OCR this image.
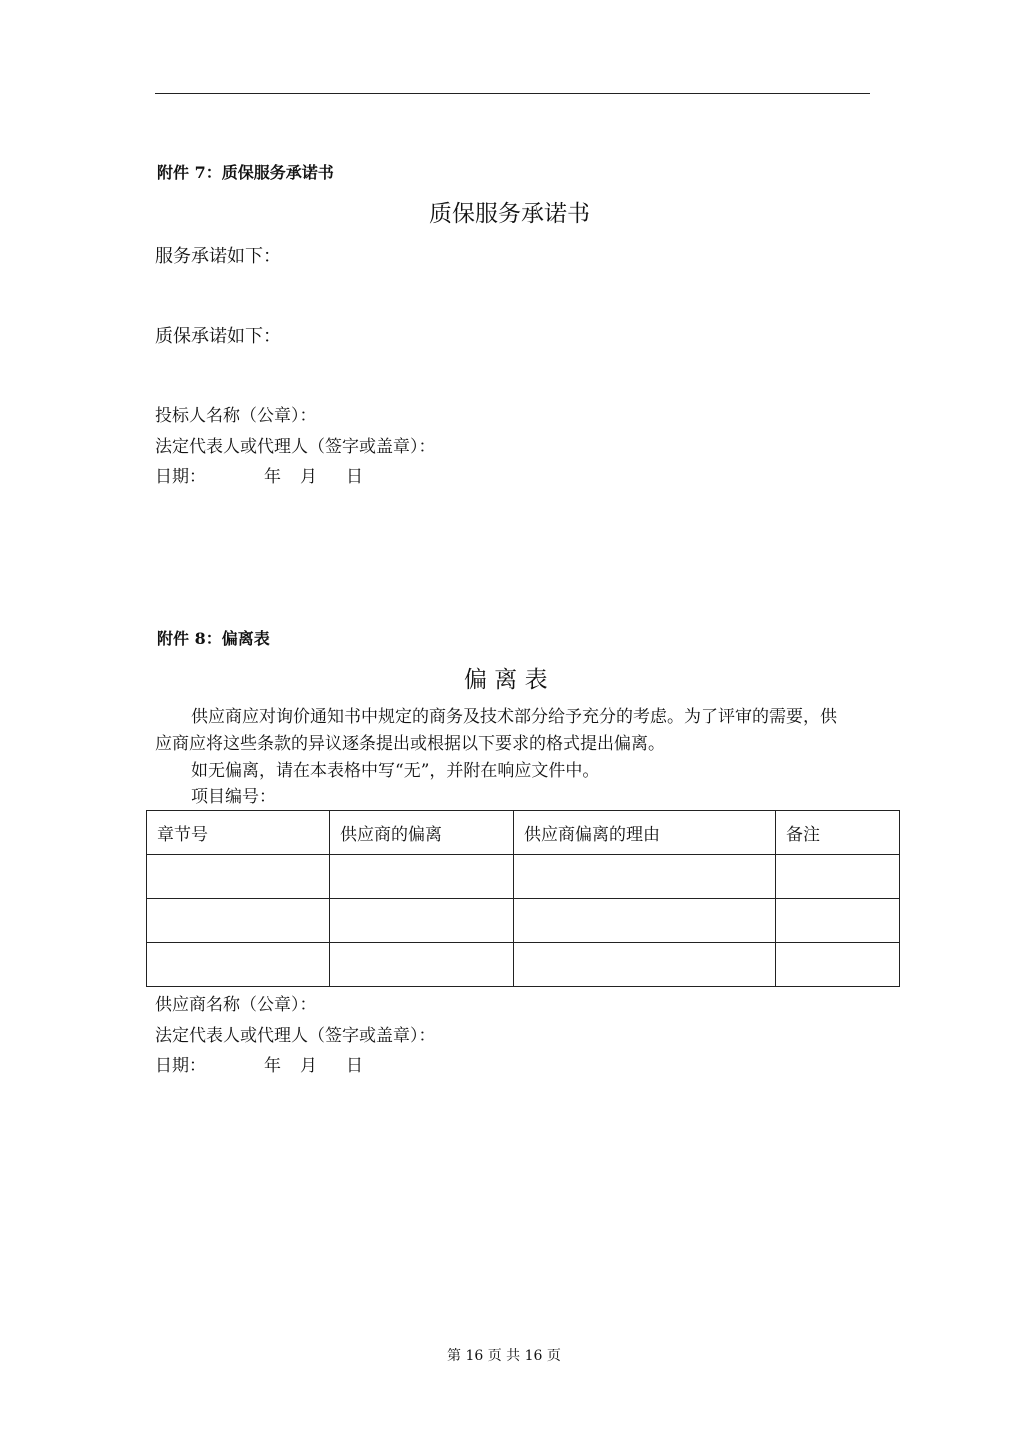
附件 7：质保服务承诺书
质保服务承诺书
服务承诺如下：
质保承诺如下：
投标人名称（公章）：
法定代表人或代理人（签字或盖章）：
日期：	年 月 日
附件 8：偏离表
偏 离 表
供应商应对询价通知书中规定的商务及技术部分给予充分的考虑。为了评审的需要，供
应商应将这些条款的异议逐条提出或根据以下要求的格式提出偏离。
如无偏离，请在本表格中写“无”，并附在响应文件中。
项目编号：
章节号	供应商的偏离	供应商偏离的理由	备注

供应商名称（公章）：
法定代表人或代理人（签字或盖章）：
日期：	年 月 日
第 16 页 共 16 页
